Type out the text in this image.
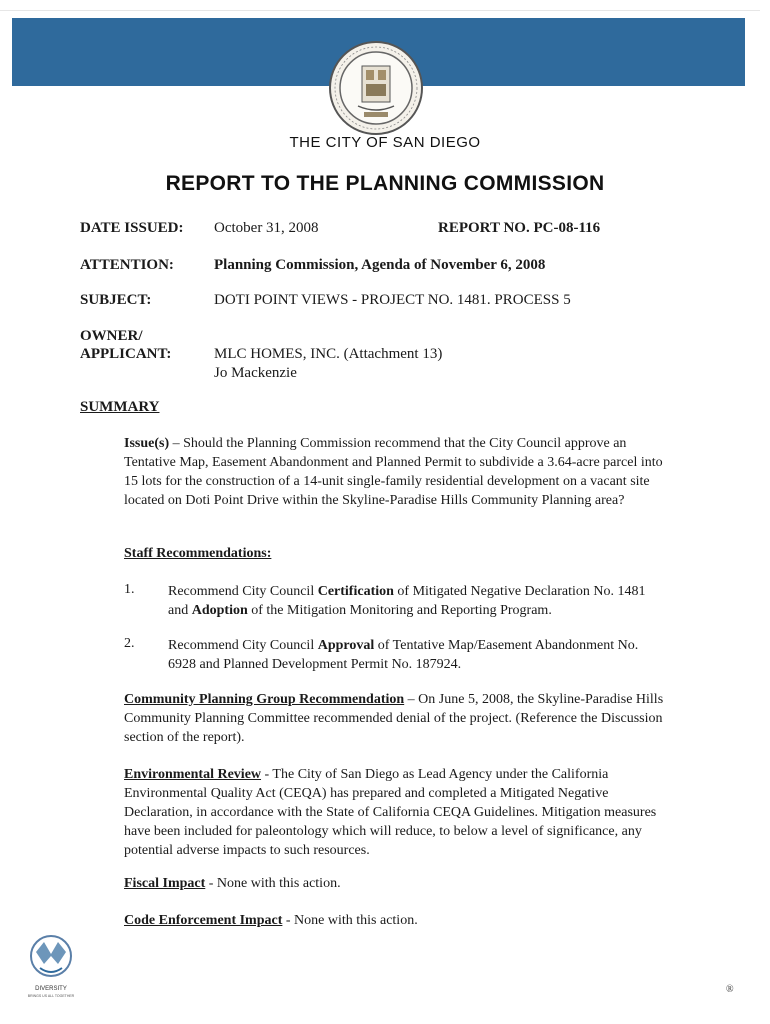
THE CITY OF SAN DIEGO
REPORT TO THE PLANNING COMMISSION
DATE ISSUED: October 31, 2008	REPORT NO. PC-08-116
ATTENTION:	Planning Commission, Agenda of November 6, 2008
SUBJECT:	DOTI POINT VIEWS - PROJECT NO. 1481. PROCESS 5
OWNER/
APPLICANT:	MLC HOMES, INC. (Attachment 13)
Jo Mackenzie
SUMMARY
Issue(s) – Should the Planning Commission recommend that the City Council approve an Tentative Map, Easement Abandonment and Planned Permit to subdivide a 3.64-acre parcel into 15 lots for the construction of a 14-unit single-family residential development on a vacant site located on Doti Point Drive within the Skyline-Paradise Hills Community Planning area?
Staff Recommendations:
1. Recommend City Council Certification of Mitigated Negative Declaration No. 1481 and Adoption of the Mitigation Monitoring and Reporting Program.
2. Recommend City Council Approval of Tentative Map/Easement Abandonment No. 6928 and Planned Development Permit No. 187924.
Community Planning Group Recommendation – On June 5, 2008, the Skyline-Paradise Hills Community Planning Committee recommended denial of the project. (Reference the Discussion section of the report).
Environmental Review - The City of San Diego as Lead Agency under the California Environmental Quality Act (CEQA) has prepared and completed a Mitigated Negative Declaration, in accordance with the State of California CEQA Guidelines. Mitigation measures have been included for paleontology which will reduce, to below a level of significance, any potential adverse impacts to such resources.
Fiscal Impact - None with this action.
Code Enforcement Impact - None with this action.
DIVERSITY
BRINGS US ALL TOGETHER
®
